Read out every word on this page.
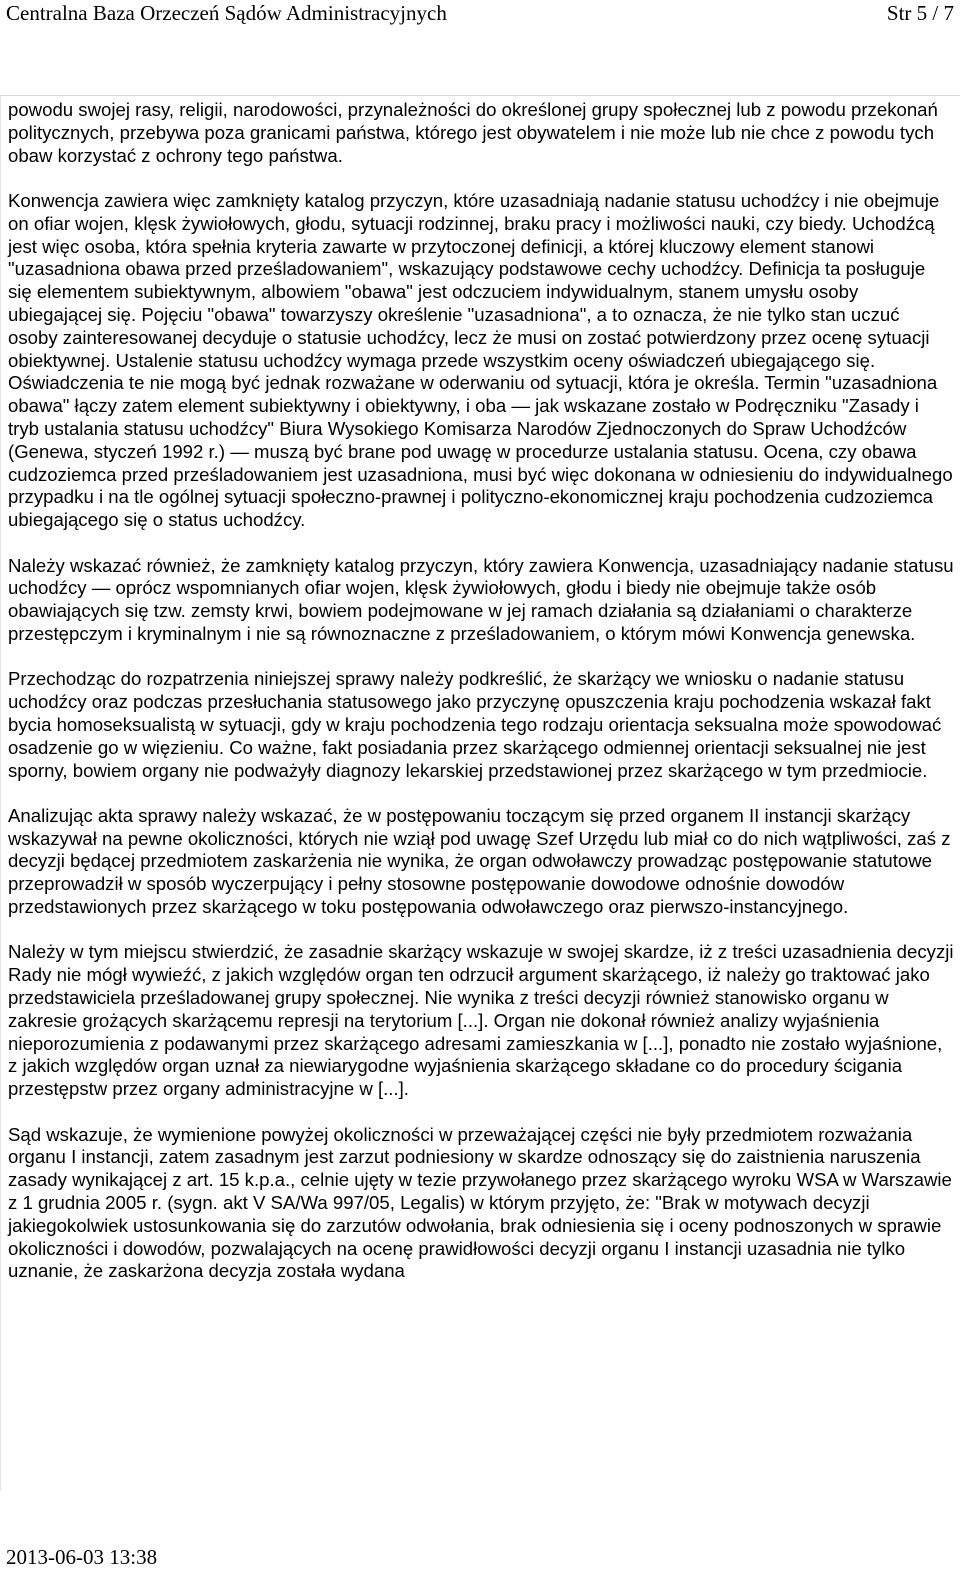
Centralna Baza Orzeczeń Sądów Administracyjnych	Str 5 / 7

powodu swojej rasy, religii, narodowości, przynależności do określonej grupy społecznej lub z powodu przekonań politycznych, przebywa poza granicami państwa, którego jest obywatelem i nie może lub nie chce z powodu tych obaw korzystać z ochrony tego państwa.

Konwencja zawiera więc zamknięty katalog przyczyn, które uzasadniają nadanie statusu uchodźcy i nie obejmuje on ofiar wojen, klęsk żywiołowych, głodu, sytuacji rodzinnej, braku pracy i możliwości nauki, czy biedy. Uchodźcą jest więc osoba, która spełnia kryteria zawarte w przytoczonej definicji, a której kluczowy element stanowi "uzasadniona obawa przed prześladowaniem", wskazujący podstawowe cechy uchodźcy. Definicja ta posługuje się elementem subiektywnym, albowiem "obawa" jest odczuciem indywidualnym, stanem umysłu osoby ubiegającej się. Pojęciu "obawa" towarzyszy określenie "uzasadniona", a to oznacza, że nie tylko stan uczuć osoby zainteresowanej decyduje o statusie uchodźcy, lecz że musi on zostać potwierdzony przez ocenę sytuacji obiektywnej. Ustalenie statusu uchodźcy wymaga przede wszystkim oceny oświadczeń ubiegającego się. Oświadczenia te nie mogą być jednak rozważane w oderwaniu od sytuacji, która je określa. Termin "uzasadniona obawa" łączy zatem element subiektywny i obiektywny, i oba — jak wskazane zostało w Podręczniku "Zasady i tryb ustalania statusu uchodźcy" Biura Wysokiego Komisarza Narodów Zjednoczonych do Spraw Uchodźców (Genewa, styczeń 1992 r.) — muszą być brane pod uwagę w procedurze ustalania statusu. Ocena, czy obawa cudzoziemca przed prześladowaniem jest uzasadniona, musi być więc dokonana w odniesieniu do indywidualnego przypadku i na tle ogólnej sytuacji społeczno-prawnej i polityczno-ekonomicznej kraju pochodzenia cudzoziemca ubiegającego się o status uchodźcy.

Należy wskazać również, że zamknięty katalog przyczyn, który zawiera Konwencja, uzasadniający nadanie statusu uchodźcy — oprócz wspomnianych ofiar wojen, klęsk żywiołowych, głodu i biedy nie obejmuje także osób obawiających się tzw. zemsty krwi, bowiem podejmowane w jej ramach działania są działaniami o charakterze przestępczym i kryminalnym i nie są równoznaczne z prześladowaniem, o którym mówi Konwencja genewska.

Przechodząc do rozpatrzenia niniejszej sprawy należy podkreślić, że skarżący we wniosku o nadanie statusu uchodźcy oraz podczas przesłuchania statusowego jako przyczynę opuszczenia kraju pochodzenia wskazał fakt bycia homoseksualistą w sytuacji, gdy w kraju pochodzenia tego rodzaju orientacja seksualna może spowodować osadzenie go w więzieniu. Co ważne, fakt posiadania przez skarżącego odmiennej orientacji seksualnej nie jest sporny, bowiem organy nie podważyły diagnozy lekarskiej przedstawionej przez skarżącego w tym przedmiocie.

Analizując akta sprawy należy wskazać, że w postępowaniu toczącym się przed organem II instancji skarżący wskazywał na pewne okoliczności, których nie wziął pod uwagę Szef Urzędu lub miał co do nich wątpliwości, zaś z decyzji będącej przedmiotem zaskarżenia nie wynika, że organ odwoławczy prowadząc postępowanie statutowe przeprowadził w sposób wyczerpujący i pełny stosowne postępowanie dowodowe odnośnie dowodów przedstawionych przez skarżącego w toku postępowania odwoławczego oraz pierwszo-instancyjnego.

Należy w tym miejscu stwierdzić, że zasadnie skarżący wskazuje w swojej skardze, iż z treści uzasadnienia decyzji Rady nie mógł wywieźć, z jakich względów organ ten odrzucił argument skarżącego, iż należy go traktować jako przedstawiciela prześladowanej grupy społecznej. Nie wynika z treści decyzji również stanowisko organu w zakresie grożących skarżącemu represji na terytorium [...]. Organ nie dokonał również analizy wyjaśnienia nieporozumienia z podawanymi przez skarżącego adresami zamieszkania w [...], ponadto nie zostało wyjaśnione, z jakich względów organ uznał za niewiarygodne wyjaśnienia skarżącego składane co do procedury ścigania przestępstw przez organy administracyjne w [...].

Sąd wskazuje, że wymienione powyżej okoliczności w przeważającej części nie były przedmiotem rozważania organu I instancji, zatem zasadnym jest zarzut podniesiony w skardze odnoszący się do zaistnienia naruszenia zasady wynikającej z art. 15 k.p.a., celnie ujęty w tezie przywołanego przez skarżącego wyroku WSA w Warszawie z 1 grudnia 2005 r. (sygn. akt V SA/Wa 997/05, Legalis) w którym przyjęto, że: "Brak w motywach decyzji jakiegokolwiek ustosunkowania się do zarzutów odwołania, brak odniesienia się i oceny podnoszonych w sprawie okoliczności i dowodów, pozwalających na ocenę prawidłowości decyzji organu I instancji uzasadnia nie tylko uznanie, że zaskarżona decyzja została wydana

2013-06-03 13:38
